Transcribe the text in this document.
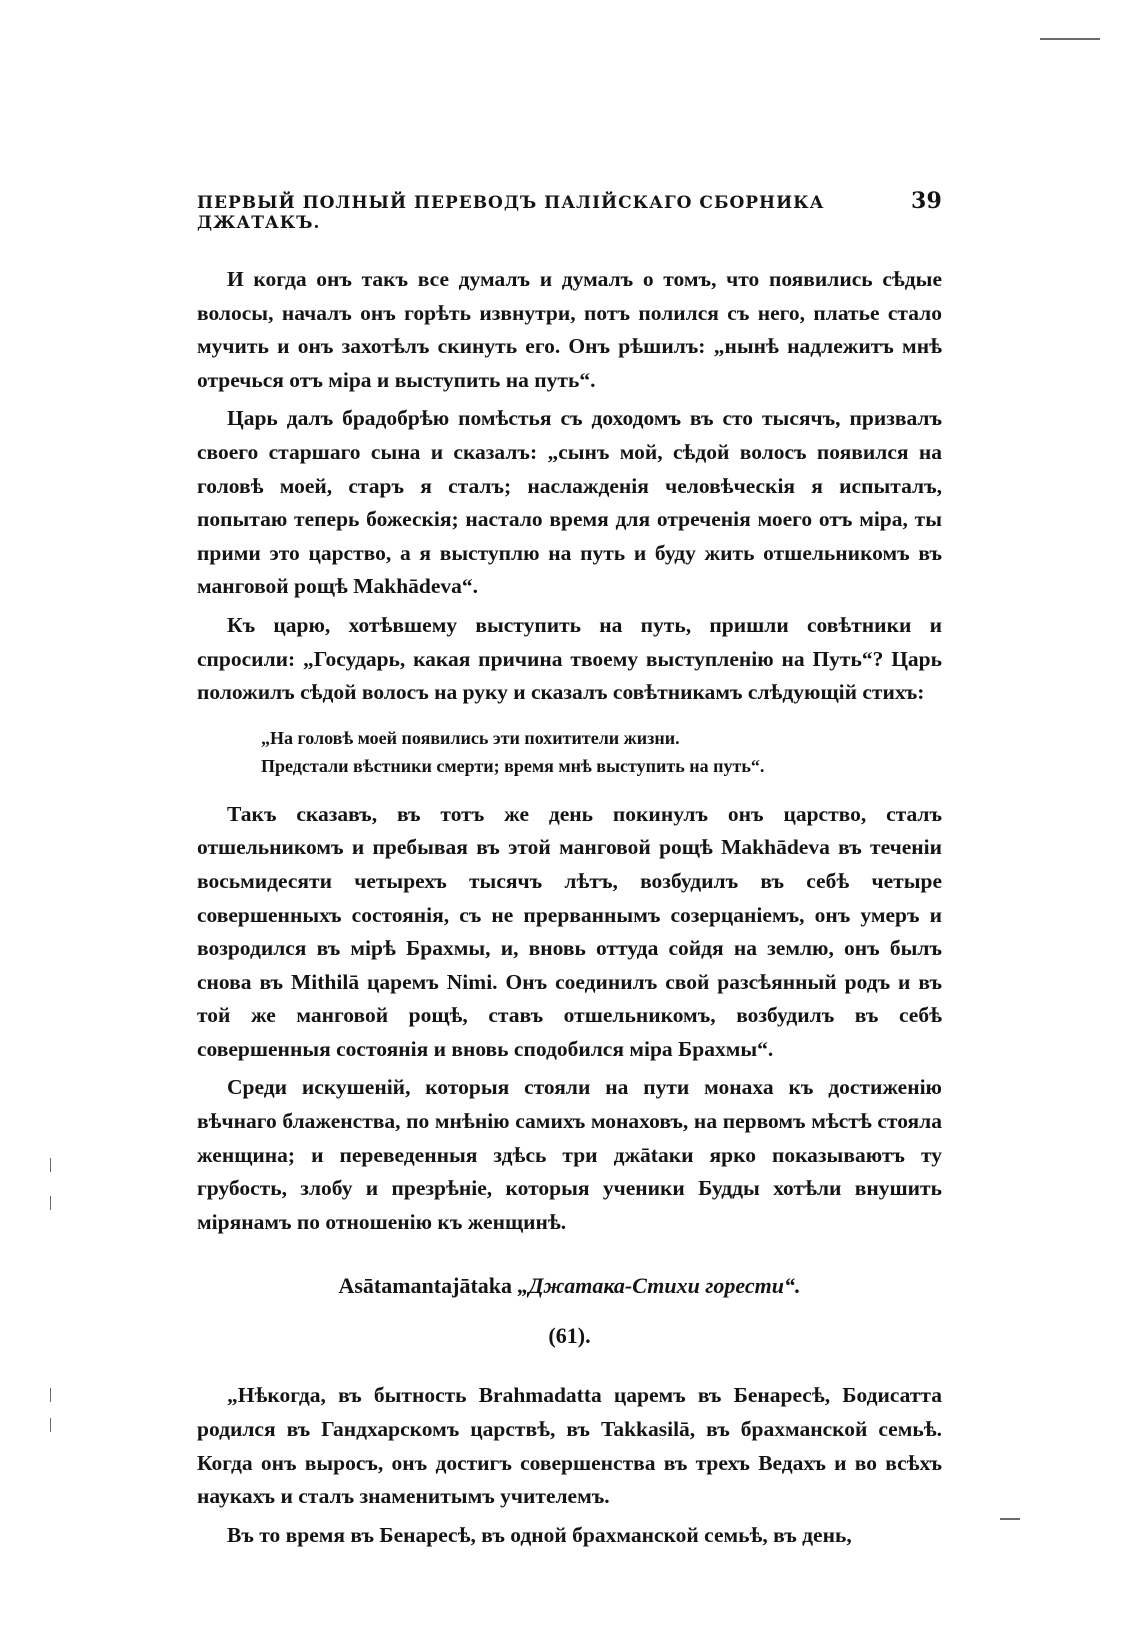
ПЕРВЫЙ ПОЛНЫЙ ПЕРЕВОДЪ ПАЛІЙСКАГО СБОРНИКА ДЖАТАКЪ.
39

И когда онъ такъ все думалъ и думалъ о томъ, что появились сѣдые волосы, началъ онъ горѣть извнутри, потъ полился съ него, платье стало мучить и онъ захотѣлъ скинуть его. Онъ рѣшилъ: „нынѣ надлежитъ мнѣ отречься отъ міра и выступить на путь“.

Царь далъ брадобрѣю помѣстья съ доходомъ въ сто тысячъ, призвалъ своего старшаго сына и сказалъ: „сынъ мой, сѣдой волосъ появился на головѣ моей, старъ я сталъ; наслажденія человѣческія я испыталъ, попытаю теперь божескія; настало время для отреченія моего отъ міра, ты прими это царство, а я выступлю на путь и буду жить отшельникомъ въ манговой рощѣ Makhādeva“.

Къ царю, хотѣвшему выступить на путь, пришли совѣтники и спросили: „Государь, какая причина твоему выступленію на Путь“? Царь положилъ сѣдой волосъ на руку и сказалъ совѣтникамъ слѣдующій стихъ:

„На головѣ моей появились эти похитители жизни.
Предстали вѣстники смерти; время мнѣ выступить на путь“.

Такъ сказавъ, въ тотъ же день покинулъ онъ царство, сталъ отшельникомъ и пребывая въ этой манговой рощѣ Makhādeva въ теченіи восьмидесяти четырехъ тысячъ лѣтъ, возбудилъ въ себѣ четыре совершенныхъ состоянія, съ не прерваннымъ созерцаніемъ, онъ умеръ и возродился въ мірѣ Брахмы, и, вновь оттуда сойдя на землю, онъ былъ снова въ Mithilā царемъ Nimi. Онъ соединилъ свой разсѣянный родъ и въ той же манговой рощѣ, ставъ отшельникомъ, возбудилъ въ себѣ совершенныя состоянія и вновь сподобился міра Брахмы“.

Среди искушеній, которыя стояли на пути монаха къ достиженію вѣчнаго блаженства, по мнѣнію самихъ монаховъ, на первомъ мѣстѣ стояла женщина; и переведенныя здѣсь три джātаки ярко показываютъ ту грубость, злобу и презрѣніе, которыя ученики Будды хотѣли внушить мірянамъ по отношенію къ женщинѣ.

Asātamantajātaka „Джатака-Стихи горести“.
(61).

„Нѣкогда, въ бытность Brahmadatta царемъ въ Бенаресѣ, Бодисатта родился въ Гандхарскомъ царствѣ, въ Takkasilā, въ брахманской семьѣ. Когда онъ выросъ, онъ достигъ совершенства въ трехъ Ведахъ и во всѣхъ наукахъ и сталъ знаменитымъ учителемъ.

Въ то время въ Бенаресѣ, въ одной брахманской семьѣ, въ день,
